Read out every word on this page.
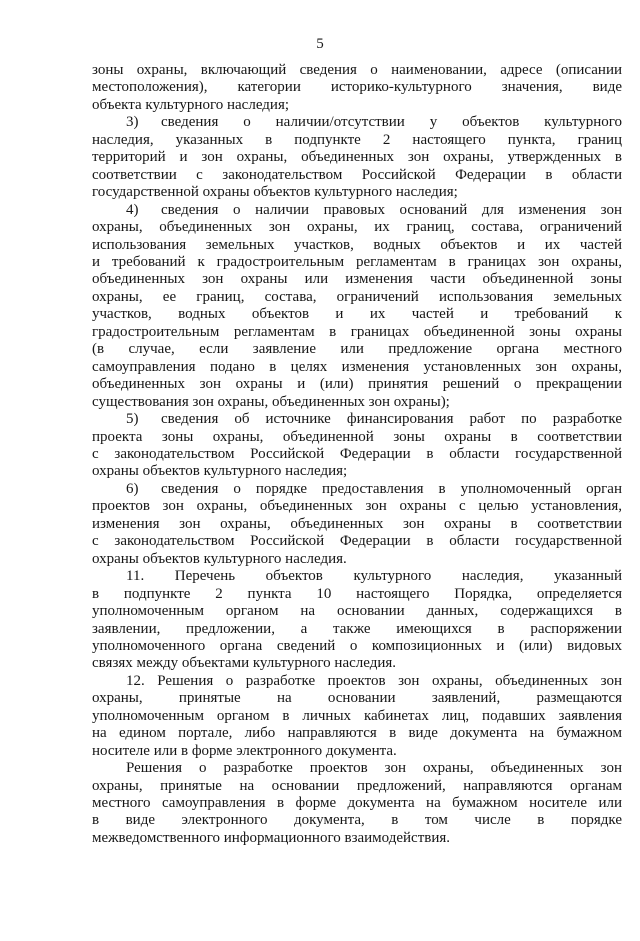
5
зоны охраны, включающий сведения о наименовании, адресе (описании
местоположения), категории историко-культурного значения, виде
объекта культурного наследия;
3) сведения о наличии/отсутствии у объектов культурного
наследия, указанных в подпункте 2 настоящего пункта, границ
территорий и зон охраны, объединенных зон охраны, утвержденных в
соответствии с законодательством Российской Федерации в области
государственной охраны объектов культурного наследия;
4) сведения о наличии правовых оснований для изменения зон
охраны, объединенных зон охраны, их границ, состава, ограничений
использования земельных участков, водных объектов и их частей
и требований к градостроительным регламентам в границах зон охраны,
объединенных зон охраны или изменения части объединенной зоны
охраны, ее границ, состава, ограничений использования земельных
участков, водных объектов и их частей и требований к
градостроительным регламентам в границах объединенной зоны охраны
(в случае, если заявление или предложение органа местного
самоуправления подано в целях изменения установленных зон охраны,
объединенных зон охраны и (или) принятия решений о прекращении
существования зон охраны, объединенных зон охраны);
5) сведения об источнике финансирования работ по разработке
проекта зоны охраны, объединенной зоны охраны в соответствии
с законодательством Российской Федерации в области государственной
охраны объектов культурного наследия;
6) сведения о порядке предоставления в уполномоченный орган
проектов зон охраны, объединенных зон охраны с целью установления,
изменения зон охраны, объединенных зон охраны в соответствии
с законодательством Российской Федерации в области государственной
охраны объектов культурного наследия.
11. Перечень объектов культурного наследия, указанный
в подпункте 2 пункта 10 настоящего Порядка, определяется
уполномоченным органом на основании данных, содержащихся в
заявлении, предложении, а также имеющихся в распоряжении
уполномоченного органа сведений о композиционных и (или) видовых
связях между объектами культурного наследия.
12. Решения о разработке проектов зон охраны, объединенных зон
охраны, принятые на основании заявлений, размещаются
уполномоченным органом в личных кабинетах лиц, подавших заявления
на едином портале, либо направляются в виде документа на бумажном
носителе или в форме электронного документа.
Решения о разработке проектов зон охраны, объединенных зон
охраны, принятые на основании предложений, направляются органам
местного самоуправления в форме документа на бумажном носителе или
в виде электронного документа, в том числе в порядке
межведомственного информационного взаимодействия.
